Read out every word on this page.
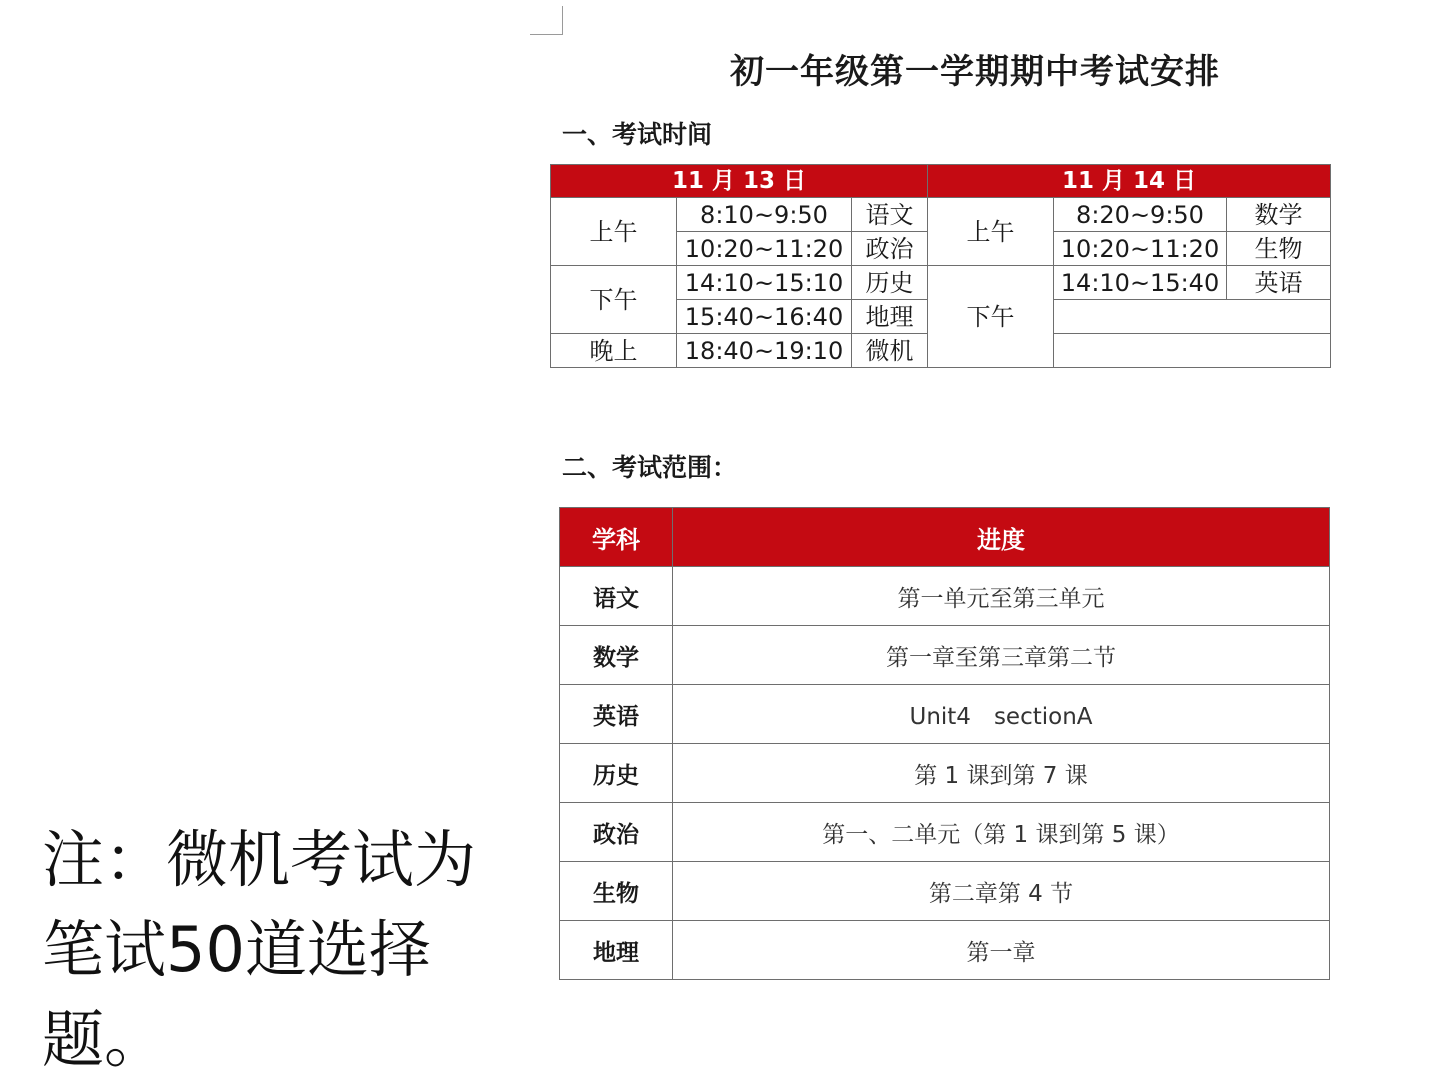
初一年级第一学期期中考试安排
一、考试时间
11 月 13 日			11 月 14 日		
上午	8:10~9:50	语文	上午	8:20~9:50	数学
	10:20~11:20	政治		10:20~11:20	生物
下午	14:10~15:10	历史	下午	14:10~15:40	英语
	15:40~16:40	地理			
晚上	18:40~19:10	微机			
二、考试范围：
学科	进度
语文	第一单元至第三单元
数学	第一章至第三章第二节
英语	Unit4　sectionA
历史	第 1 课到第 7 课
政治	第一、二单元（第 1 课到第 5 课）
生物	第二章第 4 节
地理	第一章
注：微机考试为
笔试50道选择题。
